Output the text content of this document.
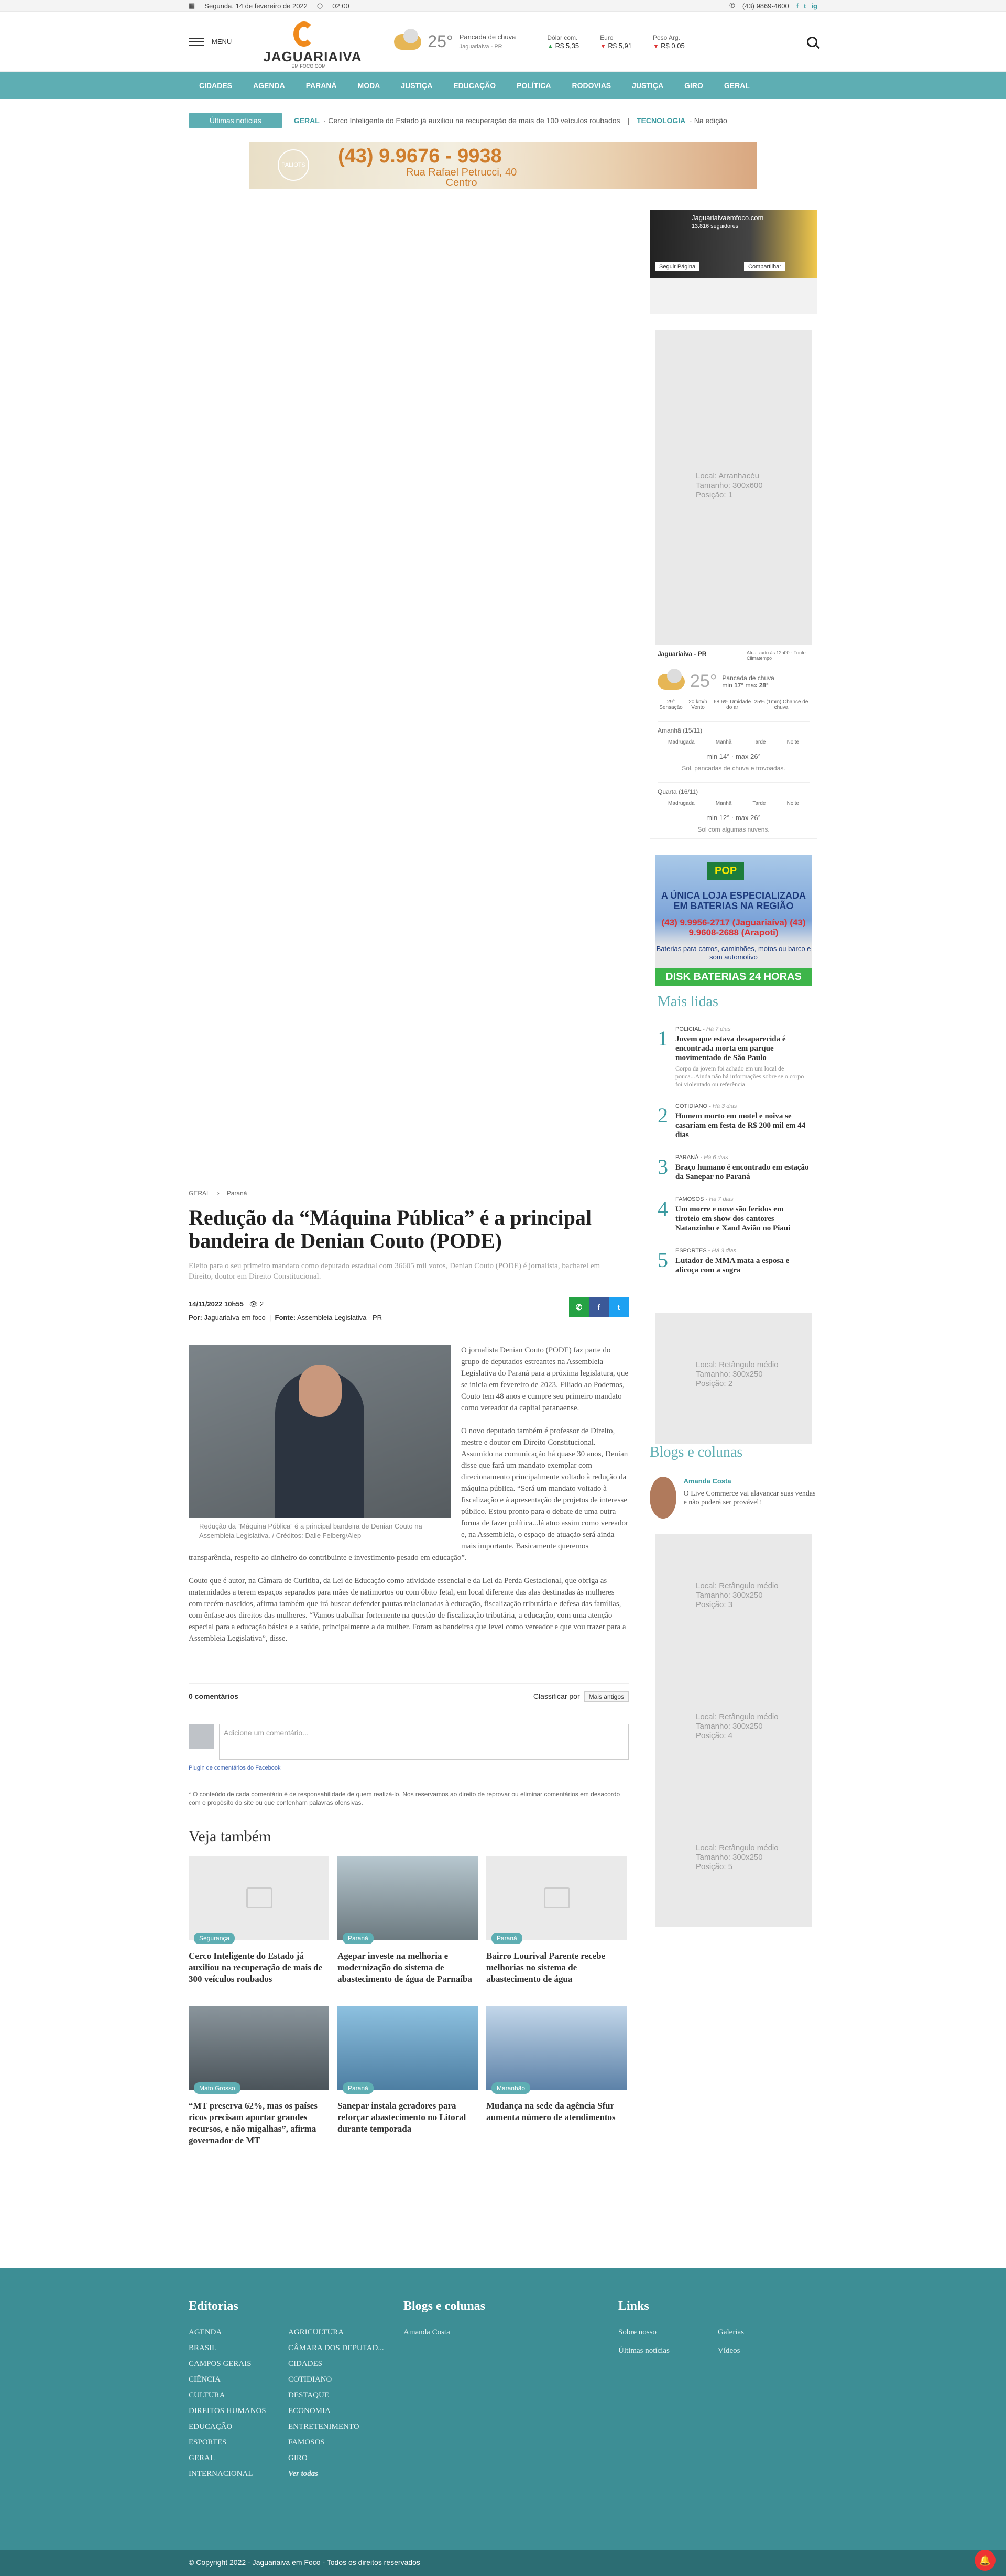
▦ Segunda, 14 de fevereiro de 2022 ◷ 02:00	✆ (43) 9869-4600 f t ig
MENU
JAGUARIAIVA
EM FOCO.COM
25° Pancada de chuva
Jaguariaíva - PR
Dólar com.
▲ R$ 5,35
Euro
▼ R$ 5,91
Peso Arg.
▼ R$ 0,05
CIDADES	AGENDA	PARANÁ	MODA	JUSTIÇA	EDUCAÇÃO	POLÍTICA	RODOVIAS	JUSTIÇA	GIRO	GERAL
Últimas notícias	GERAL · Cerco Inteligente do Estado já auxiliou na recuperação de mais de 100 veículos roubados | TECNOLOGIA · Na edição
PALIOTS (43) 9.9676 - 9938
Rua Rafael Petrucci, 40
Centro
Jaguariaivaemfoco.com
13.816 seguidores
Seguir Página	Compartilhar
Local: Arranhacéu
Tamanho: 300x600
Posição: 1
Jaguariaíva - PR	Atualizado às 12h00 - Fonte: Climatempo
25° Pancada de chuva
min 17° max 28°
29° Sensação
20 km/h Vento
68.6% Umidade do ar
25% (1mm) Chance de chuva
Amanhã (15/11)
Madrugada	Manhã	Tarde	Noite
min 14° · max 26°
Sol, pancadas de chuva e trovoadas.
Quarta (16/11)
Madrugada	Manhã	Tarde	Noite
min 12° · max 26°
Sol com algumas nuvens.
POP
A ÚNICA LOJA ESPECIALIZADA EM BATERIAS NA REGIÃO
(43) 9.9956-2717 (Jaguariaíva) (43) 9.9608-2688 (Arapoti)
Baterias para carros, caminhões, motos ou barco e som automotivo
DISK BATERIAS 24 HORAS
Mais lidas
1 POLICIAL - Há 7 dias
Jovem que estava desaparecida é encontrada morta em parque movimentado de São Paulo

Corpo da jovem foi achado em um local de pouca...Ainda não há informações sobre se o corpo foi violentado ou referência

2 COTIDIANO - Há 3 dias
Homem morto em motel e noiva se casariam em festa de R$ 200 mil em 44 dias
3 PARANÁ - Há 6 dias
Braço humano é encontrado em estação da Sanepar no Paraná
4 FAMOSOS - Há 7 dias
Um morre e nove são feridos em tiroteio em show dos cantores Natanzinho e Xand Avião no Piauí
5 ESPORTES - Há 3 dias
Lutador de MMA mata a esposa e alicoça com a sogra
Local: Retângulo médio
Tamanho: 300x250
Posição: 2
Blogs e colunas
Amanda Costa

O Live Commerce vai alavancar suas vendas e não poderá ser provável!

Local: Retângulo médio
Tamanho: 300x250
Posição: 3
Local: Retângulo médio
Tamanho: 300x250
Posição: 4
Local: Retângulo médio
Tamanho: 300x250
Posição: 5
GERAL › Paraná
Redução da “Máquina Pública” é a principal bandeira de Denian Couto (PODE)

Eleito para o seu primeiro mandato como deputado estadual com 36605 mil votos, Denian Couto (PODE) é jornalista, bacharel em Direito, doutor em Direito Constitucional.

14/11/2022 10h55 👁 2
Por: Jaguariaíva em foco  |  Fonte: Assembleia Legislativa - PR
✆	f	t
Redução da “Máquina Pública” é a principal bandeira de Denian Couto na Assembleia Legislativa. / Créditos: Dalie Felberg/Alep

O jornalista Denian Couto (PODE) faz parte do grupo de deputados estreantes na Assembleia Legislativa do Paraná para a próxima legislatura, que se inicia em fevereiro de 2023. Filiado ao Podemos, Couto tem 48 anos e cumpre seu primeiro mandato como vereador da capital paranaense.

O novo deputado também é professor de Direito, mestre e doutor em Direito Constitucional. Assumido na comunicação há quase 30 anos, Denian disse que fará um mandato exemplar com direcionamento principalmente voltado à redução da máquina pública. “Será um mandato voltado à fiscalização e à apresentação de projetos de interesse público. Estou pronto para o debate de uma outra forma de fazer política...lá atuo assim como vereador e, na Assembleia, o espaço de atuação será ainda mais importante. Basicamente queremos transparência, respeito ao dinheiro do contribuinte e investimento pesado em educação”.

Couto que é autor, na Câmara de Curitiba, da Lei de Educação como atividade essencial e da Lei da Perda Gestacional, que obriga as maternidades a terem espaços separados para mães de natimortos ou com óbito fetal, em local diferente das alas destinadas às mulheres com recém-nascidos, afirma também que irá buscar defender pautas relacionadas à educação, fiscalização tributária e defesa das famílias, com ênfase aos direitos das mulheres. “Vamos trabalhar fortemente na questão de fiscalização tributária, a educação, com uma atenção especial para a educação básica e a saúde, principalmente a da mulher. Foram as bandeiras que levei como vereador e que vou trazer para a Assembleia Legislativa”, disse.

0 comentários	Classificar por Mais antigos
Adicione um comentário...
Plugin de comentários do Facebook

* O conteúdo de cada comentário é de responsabilidade de quem realizá-lo. Nos reservamos ao direito de reprovar ou eliminar comentários em desacordo com o propósito do site ou que contenham palavras ofensivas.

Veja também
Segurança
Cerco Inteligente do Estado já auxiliou na recuperação de mais de 300 veículos roubados
Paraná
Agepar investe na melhoria e modernização do sistema de abastecimento de água de Parnaíba
Paraná
Bairro Lourival Parente recebe melhorias no sistema de abastecimento de água
Mato Grosso
“MT preserva 62%, mas os países ricos precisam aportar grandes recursos, e não migalhas”, afirma governador de MT
Paraná
Sanepar instala geradores para reforçar abastecimento no Litoral durante temporada
Maranhão
Mudança na sede da agência Sfur aumenta número de atendimentos
Editorias
AGENDA	AGRICULTURA
BRASIL	CÂMARA DOS DEPUTAD...
CAMPOS GERAIS	CIDADES
CIÊNCIA	COTIDIANO
CULTURA	DESTAQUE
DIREITOS HUMANOS	ECONOMIA
EDUCAÇÃO	ENTRETENIMENTO
ESPORTES	FAMOSOS
GERAL	GIRO
INTERNACIONAL	Ver todas
Blogs e colunas
Amanda Costa
Links
Sobre nosso	Galerias
Últimas notícias	Vídeos
© Copyright 2022 - Jaguariaiva em Foco - Todos os direitos reservados	🔔
